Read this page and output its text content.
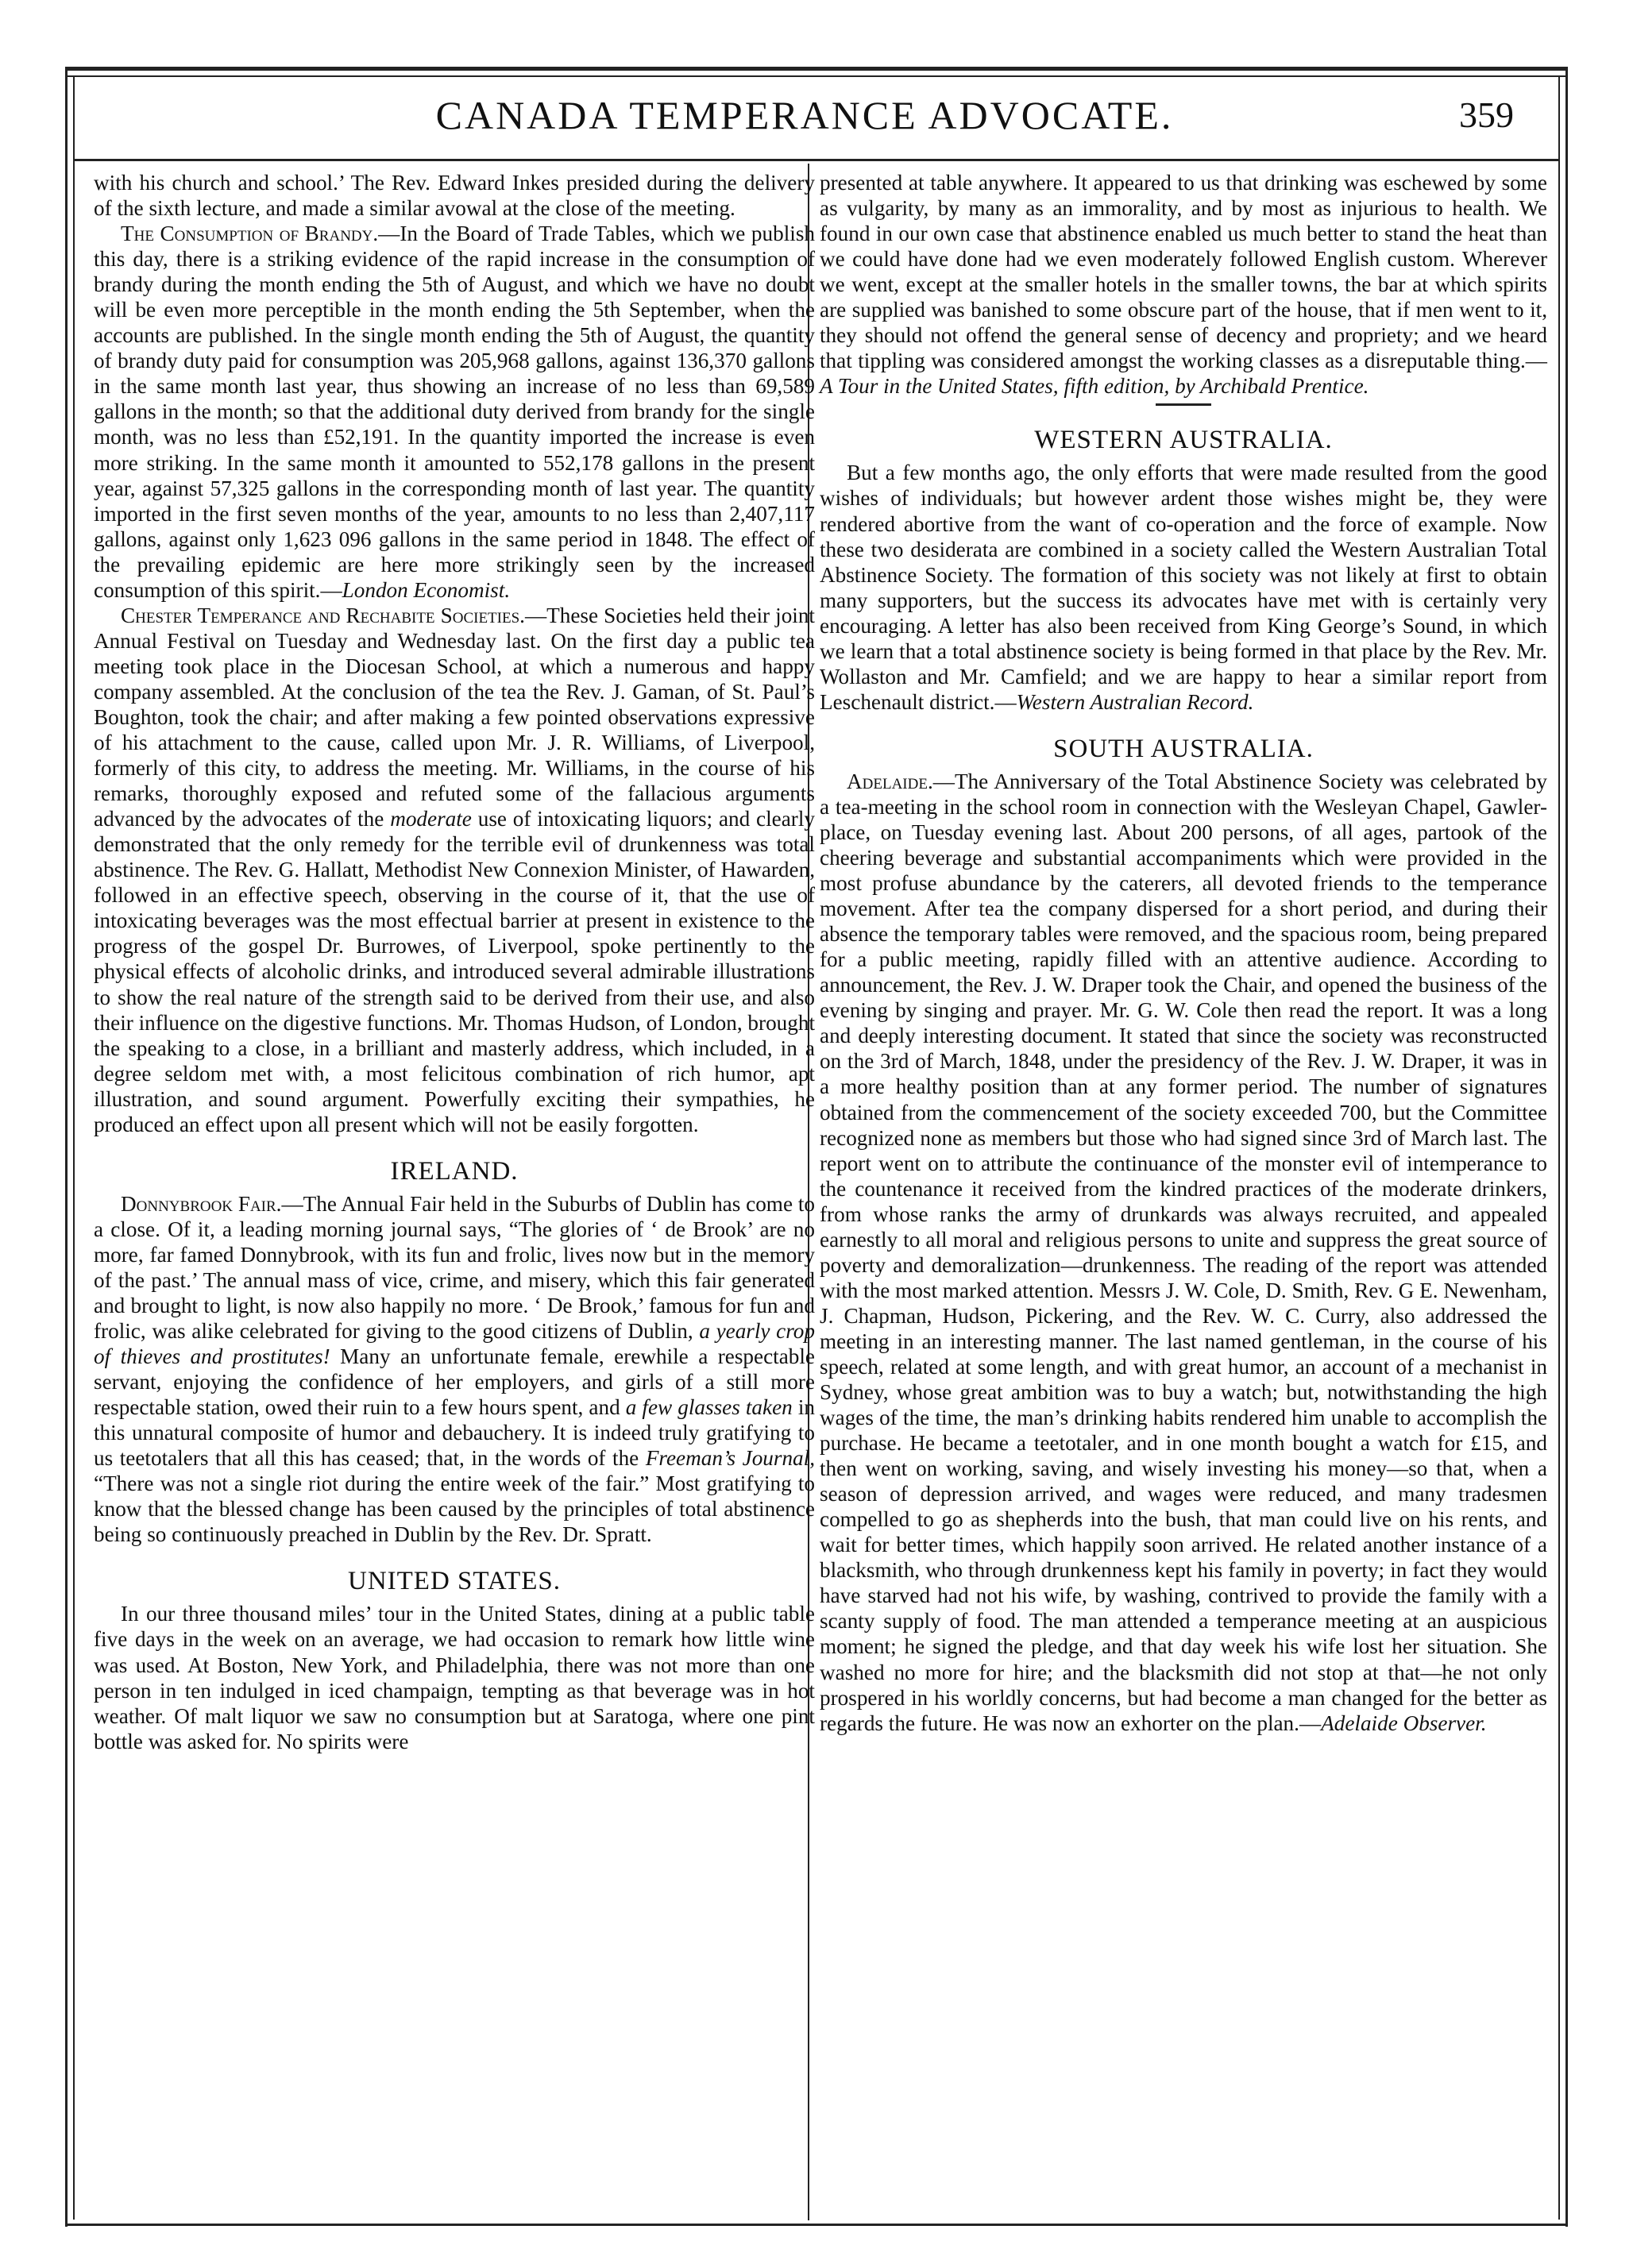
CANADA TEMPERANCE ADVOCATE.	359

with his church and school.’ The Rev. Edward Inkes presided during the delivery of the sixth lecture, and made a similar avowal at the close of the meeting.

The Consumption of Brandy.—In the Board of Trade Tables, which we publish this day, there is a striking evidence of the rapid increase in the consumption of brandy during the month ending the 5th of August, and which we have no doubt will be even more perceptible in the month ending the 5th September, when the accounts are published. In the single month ending the 5th of August, the quantity of brandy duty paid for consumption was 205,968 gallons, against 136,370 gallons in the same month last year, thus showing an increase of no less than 69,589 gallons in the month; so that the additional duty derived from brandy for the single month, was no less than £52,191. In the quantity imported the increase is even more striking. In the same month it amounted to 552,178 gallons in the present year, against 57,325 gallons in the corresponding month of last year. The quantity imported in the first seven months of the year, amounts to no less than 2,407,117 gallons, against only 1,623 096 gallons in the same period in 1848. The effect of the prevailing epidemic are here more strikingly seen by the increased consumption of this spirit.—London Economist.

Chester Temperance and Rechabite Societies.—These Societies held their joint Annual Festival on Tuesday and Wednesday last. On the first day a public tea meeting took place in the Diocesan School, at which a numerous and happy company assembled. At the conclusion of the tea the Rev. J. Gaman, of St. Paul’s Boughton, took the chair; and after making a few pointed observations expressive of his attachment to the cause, called upon Mr. J. R. Williams, of Liverpool, formerly of this city, to address the meeting. Mr. Williams, in the course of his remarks, thoroughly exposed and refuted some of the fallacious arguments advanced by the advocates of the moderate use of intoxicating liquors; and clearly demonstrated that the only remedy for the terrible evil of drunkenness was total abstinence. The Rev. G. Hallatt, Methodist New Connexion Minister, of Hawarden, followed in an effective speech, observing in the course of it, that the use of intoxicating beverages was the most effectual barrier at present in existence to the progress of the gospel Dr. Burrowes, of Liverpool, spoke pertinently to the physical effects of alcoholic drinks, and introduced several admirable illustrations to show the real nature of the strength said to be derived from their use, and also their influence on the digestive functions. Mr. Thomas Hudson, of London, brought the speaking to a close, in a brilliant and masterly address, which included, in a degree seldom met with, a most felicitous combination of rich humor, apt illustration, and sound argument. Powerfully exciting their sympathies, he produced an effect upon all present which will not be easily forgotten.

IRELAND.

Donnybrook Fair.—The Annual Fair held in the Suburbs of Dublin has come to a close. Of it, a leading morning journal says, “The glories of ‘ de Brook’ are no more, far famed Donnybrook, with its fun and frolic, lives now but in the memory of the past.’ The annual mass of vice, crime, and misery, which this fair generated and brought to light, is now also happily no more. ‘ De Brook,’ famous for fun and frolic, was alike celebrated for giving to the good citizens of Dublin, a yearly crop of thieves and prostitutes! Many an unfortunate female, erewhile a respectable servant, enjoying the confidence of her employers, and girls of a still more respectable station, owed their ruin to a few hours spent, and a few glasses taken in this unnatural composite of humor and debauchery. It is indeed truly gratifying to us teetotalers that all this has ceased; that, in the words of the Freeman’s Journal, “There was not a single riot during the entire week of the fair.” Most gratifying to know that the blessed change has been caused by the principles of total abstinence being so continuously preached in Dublin by the Rev. Dr. Spratt.

UNITED STATES.

In our three thousand miles’ tour in the United States, dining at a public table five days in the week on an average, we had occasion to remark how little wine was used. At Boston, New York, and Philadelphia, there was not more than one person in ten indulged in iced champaign, tempting as that beverage was in hot weather. Of malt liquor we saw no consumption but at Saratoga, where one pint bottle was asked for. No spirits were

presented at table anywhere. It appeared to us that drinking was eschewed by some as vulgarity, by many as an immorality, and by most as injurious to health. We found in our own case that abstinence enabled us much better to stand the heat than we could have done had we even moderately followed English custom. Wherever we went, except at the smaller hotels in the smaller towns, the bar at which spirits are supplied was banished to some obscure part of the house, that if men went to it, they should not offend the general sense of decency and propriety; and we heard that tippling was considered amongst the working classes as a disreputable thing.—A Tour in the United States, fifth edition, by Archibald Prentice.

WESTERN AUSTRALIA.

But a few months ago, the only efforts that were made resulted from the good wishes of individuals; but however ardent those wishes might be, they were rendered abortive from the want of co-operation and the force of example. Now these two desiderata are combined in a society called the Western Australian Total Abstinence Society. The formation of this society was not likely at first to obtain many supporters, but the success its advocates have met with is certainly very encouraging. A letter has also been received from King George’s Sound, in which we learn that a total abstinence society is being formed in that place by the Rev. Mr. Wollaston and Mr. Camfield; and we are happy to hear a similar report from Leschenault district.—Western Australian Record.

SOUTH AUSTRALIA.

Adelaide.—The Anniversary of the Total Abstinence Society was celebrated by a tea-meeting in the school room in connection with the Wesleyan Chapel, Gawler-place, on Tuesday evening last. About 200 persons, of all ages, partook of the cheering beverage and substantial accompaniments which were provided in the most profuse abundance by the caterers, all devoted friends to the temperance movement. After tea the company dispersed for a short period, and during their absence the temporary tables were removed, and the spacious room, being prepared for a public meeting, rapidly filled with an attentive audience. According to announcement, the Rev. J. W. Draper took the Chair, and opened the business of the evening by singing and prayer. Mr. G. W. Cole then read the report. It was a long and deeply interesting document. It stated that since the society was reconstructed on the 3rd of March, 1848, under the presidency of the Rev. J. W. Draper, it was in a more healthy position than at any former period. The number of signatures obtained from the commencement of the society exceeded 700, but the Committee recognized none as members but those who had signed since 3rd of March last. The report went on to attribute the continuance of the monster evil of intemperance to the countenance it received from the kindred practices of the moderate drinkers, from whose ranks the army of drunkards was always recruited, and appealed earnestly to all moral and religious persons to unite and suppress the great source of poverty and demoralization—drunkenness. The reading of the report was attended with the most marked attention. Messrs J. W. Cole, D. Smith, Rev. G E. Newenham, J. Chapman, Hudson, Pickering, and the Rev. W. C. Curry, also addressed the meeting in an interesting manner. The last named gentleman, in the course of his speech, related at some length, and with great humor, an account of a mechanist in Sydney, whose great ambition was to buy a watch; but, notwithstanding the high wages of the time, the man’s drinking habits rendered him unable to accomplish the purchase. He became a teetotaler, and in one month bought a watch for £15, and then went on working, saving, and wisely investing his money—so that, when a season of depression arrived, and wages were reduced, and many tradesmen compelled to go as shepherds into the bush, that man could live on his rents, and wait for better times, which happily soon arrived. He related another instance of a blacksmith, who through drunkenness kept his family in poverty; in fact they would have starved had not his wife, by washing, contrived to provide the family with a scanty supply of food. The man attended a temperance meeting at an auspicious moment; he signed the pledge, and that day week his wife lost her situation. She washed no more for hire; and the blacksmith did not stop at that—he not only prospered in his worldly concerns, but had become a man changed for the better as regards the future. He was now an exhorter on the plan.—Adelaide Observer.
